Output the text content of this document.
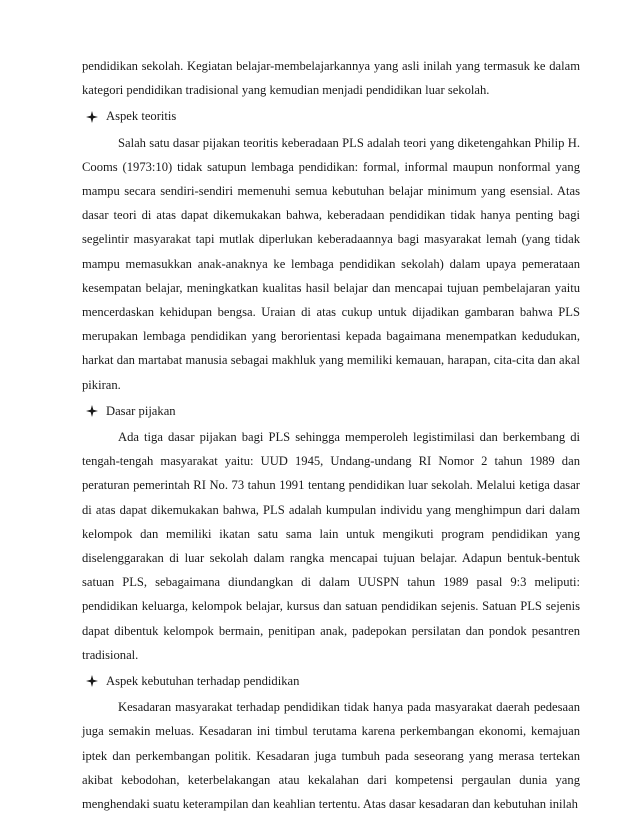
pendidikan sekolah. Kegiatan belajar-membelajarkannya yang asli inilah yang termasuk ke dalam kategori pendidikan tradisional yang kemudian menjadi pendidikan luar sekolah.

Aspek teoritis

Salah satu dasar pijakan teoritis keberadaan PLS adalah teori yang diketengahkan Philip H. Cooms (1973:10) tidak satupun lembaga pendidikan: formal, informal maupun nonformal yang mampu secara sendiri-sendiri memenuhi semua kebutuhan belajar minimum yang esensial. Atas dasar teori di atas dapat dikemukakan bahwa, keberadaan pendidikan tidak hanya penting bagi segelintir masyarakat tapi mutlak diperlukan keberadaannya bagi masyarakat lemah (yang tidak mampu memasukkan anak-anaknya ke lembaga pendidikan sekolah) dalam upaya pemerataan kesempatan belajar, meningkatkan kualitas hasil belajar dan mencapai tujuan pembelajaran yaitu mencerdaskan kehidupan bengsa. Uraian di atas cukup untuk dijadikan gambaran bahwa PLS merupakan lembaga pendidikan yang berorientasi kepada bagaimana menempatkan kedudukan, harkat dan martabat manusia sebagai makhluk yang memiliki kemauan, harapan, cita-cita dan akal pikiran.

Dasar pijakan

Ada tiga dasar pijakan bagi PLS sehingga memperoleh legistimilasi dan berkembang di tengah-tengah masyarakat yaitu: UUD 1945, Undang-undang RI Nomor 2 tahun 1989 dan peraturan pemerintah RI No. 73 tahun 1991 tentang pendidikan luar sekolah. Melalui ketiga dasar di atas dapat dikemukakan bahwa, PLS adalah kumpulan individu yang menghimpun dari dalam kelompok dan memiliki ikatan satu sama lain untuk mengikuti program pendidikan yang diselenggarakan di luar sekolah dalam rangka mencapai tujuan belajar. Adapun bentuk-bentuk satuan PLS, sebagaimana diundangkan di dalam UUSPN tahun 1989 pasal 9:3 meliputi: pendidikan keluarga, kelompok belajar, kursus dan satuan pendidikan sejenis. Satuan PLS sejenis dapat dibentuk kelompok bermain, penitipan anak, padepokan persilatan dan pondok pesantren tradisional.

Aspek kebutuhan terhadap pendidikan

Kesadaran masyarakat terhadap pendidikan tidak hanya pada masyarakat daerah pedesaan juga semakin meluas. Kesadaran ini timbul terutama karena perkembangan ekonomi, kemajuan iptek dan perkembangan politik. Kesadaran juga tumbuh pada seseorang yang merasa tertekan akibat kebodohan, keterbelakangan atau kekalahan dari kompetensi pergaulan dunia yang menghendaki suatu keterampilan dan keahlian tertentu. Atas dasar kesadaran dan kebutuhan inilah
